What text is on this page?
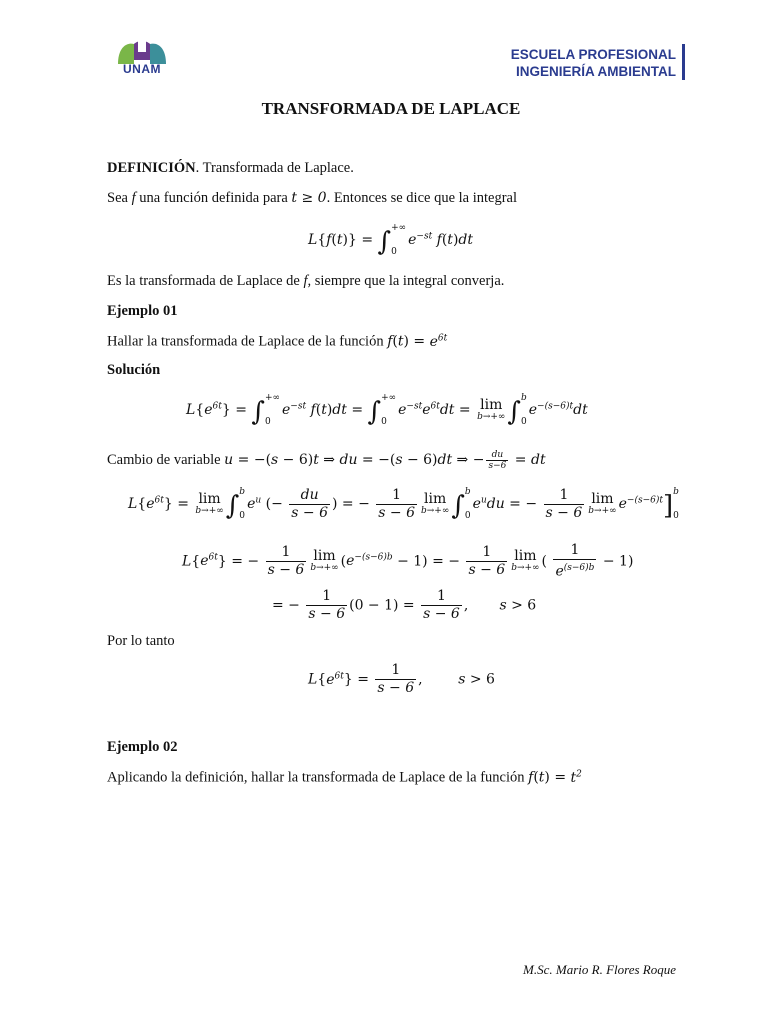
UNAM
ESCUELA PROFESIONAL
INGENIERÍA AMBIENTAL
TRANSFORMADA DE LAPLACE
DEFINICIÓN. Transformada de Laplace.
Sea f una función definida para t ≥ 0. Entonces se dice que la integral
L{f(t)} = ∫ +∞

0
$e^{-st}$ f(t)dt
Es la transformada de Laplace de f, siempre que la integral converja.
Ejemplo 01
Hallar la transformada de Laplace de la función $f(t) = e^{6t}$
Solución
$L\{e^{6t}\}$ = ∫ +∞

0
$e^{-st}$ f(t)dt = ∫ +∞

0
$e^{-st}e^{6t}dt = \lim$
b→+∞ ∫ b

0
$e^{-(s-6)t}dt$
Cambio de variable u = −(s − 6)t ⇒ du = −(s − 6)dt ⇒ − $\frac{du}{s-6}$ = dt
$L\{e^{6t}\} = \lim$
b→+∞ ∫ b

0
$e^u$ (− $\frac{du}{s - 6}$ ) = − $\frac{1}{s - 6}$ lim
b→+∞ ∫ b

0
$e^udu$ = − $\frac{1}{s - 6}$ lim
b→+∞ $e^{-(s-6)t}$] b

0
$L\{e^{6t}\}$ = − $\frac{1}{s - 6}$ lim
b→+∞ $(e^{-(s-6)b} - 1)$ = − $\frac{1}{s - 6}$ lim
b→+∞ ( $\frac{1}{e^{(s-6)b}} - 1$)
= − $\frac{1}{s - 6} (0 - 1) = \frac{1}{s - 6}$ ,       s > 6
Por lo tanto
$L\{e^{6t}\} = \frac{1}{s - 6}$ ,        s > 6
Ejemplo 02
Aplicando la definición, hallar la transformada de Laplace de la función $f(t) = t^2$
M.Sc. Mario R. Flores Roque
